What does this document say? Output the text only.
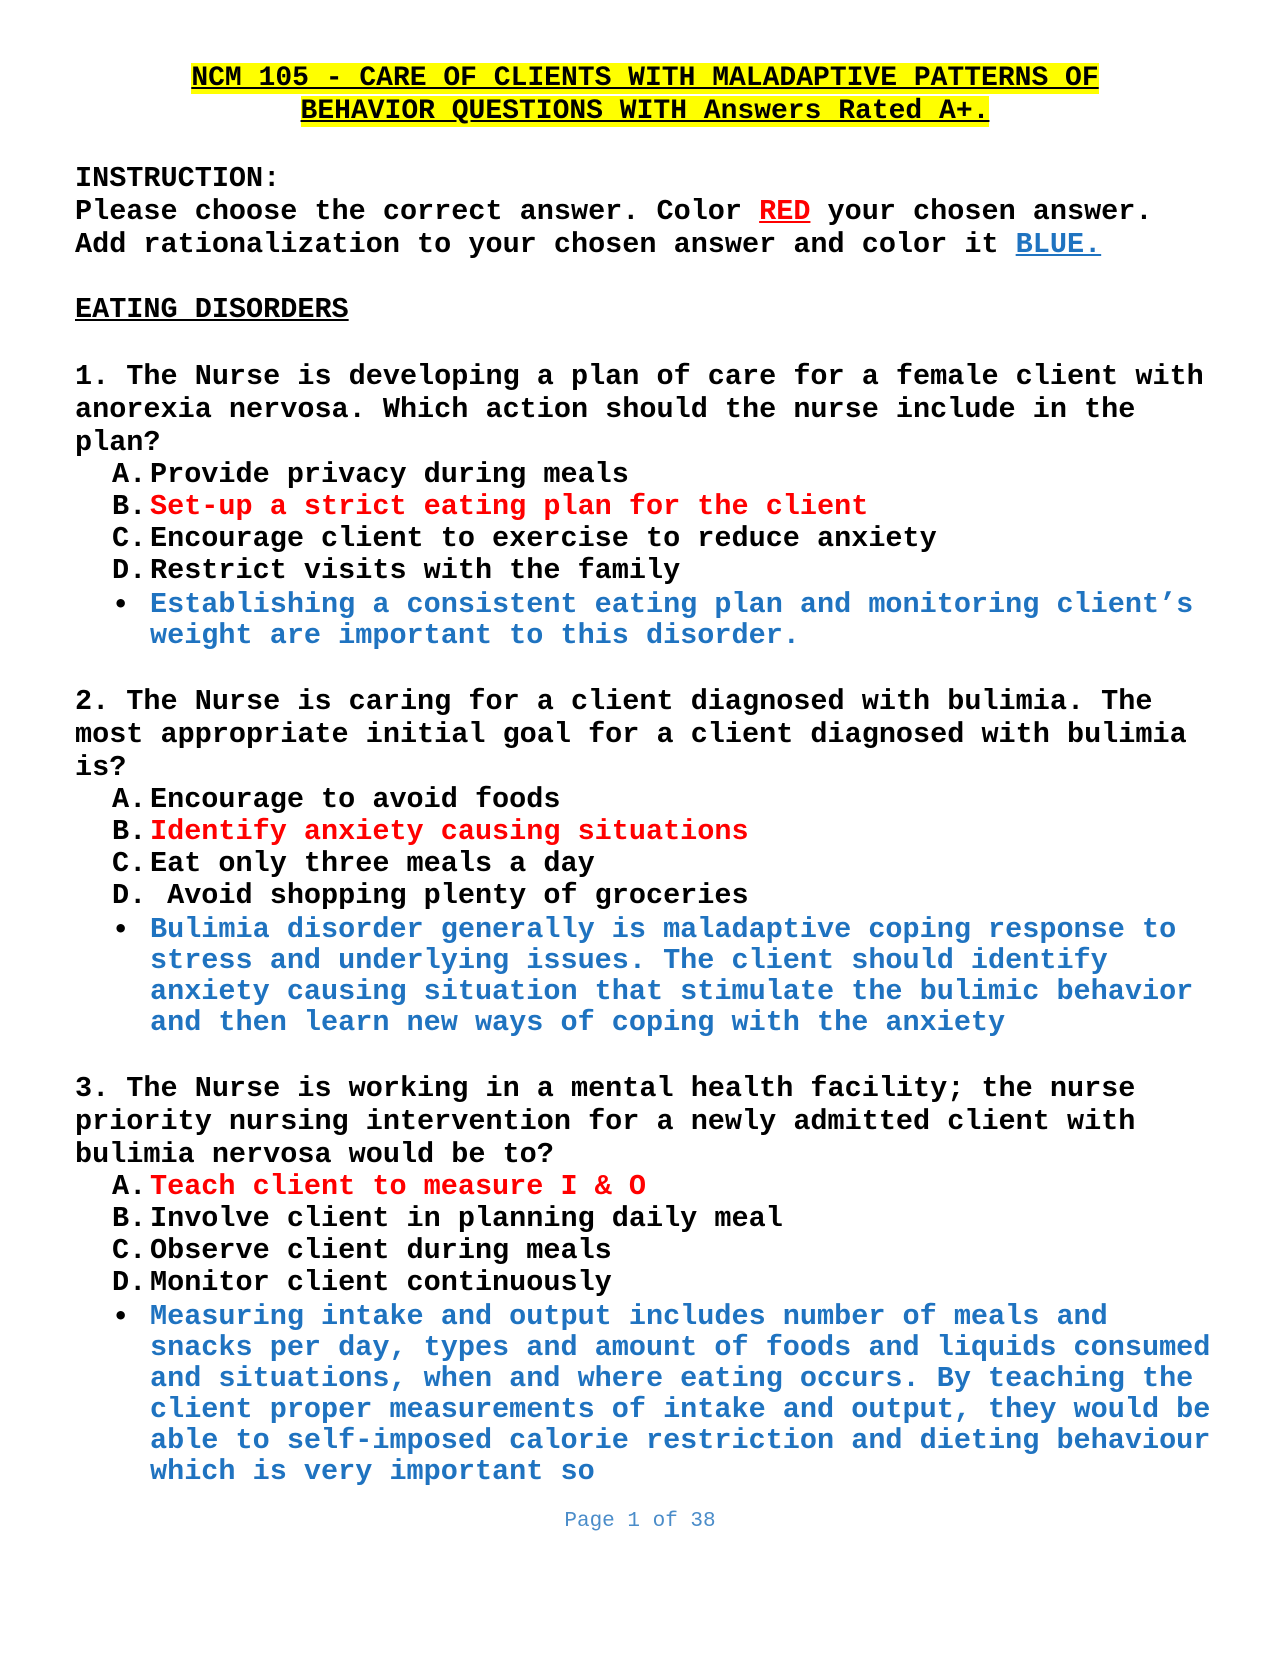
NCM 105 - CARE OF CLIENTS WITH MALADAPTIVE PATTERNS OF
BEHAVIOR QUESTIONS WITH Answers Rated A+.

INSTRUCTION:

Please choose the correct answer. Color RED your chosen answer.

Add rationalization to your chosen answer and color it BLUE.

EATING DISORDERS

1. The Nurse is developing a plan of care for a female client with anorexia nervosa. Which action should the nurse include in the plan?

A. Provide privacy during meals
B. Set-up a strict eating plan for the client
C. Encourage client to exercise to reduce anxiety
D. Restrict visits with the family
• Establishing a consistent eating plan and monitoring client’s weight are important to this disorder.

2. The Nurse is caring for a client diagnosed with bulimia. The most appropriate initial goal for a client diagnosed with bulimia is?

A. Encourage to avoid foods
B. Identify anxiety causing situations
C. Eat only three meals a day
D. Avoid shopping plenty of groceries
• Bulimia disorder generally is maladaptive coping response to stress and underlying issues. The client should identify anxiety causing situation that stimulate the bulimic behavior and then learn new ways of coping with the anxiety

3. The Nurse is working in a mental health facility; the nurse priority nursing intervention for a newly admitted client with bulimia nervosa would be to?

A. Teach client to measure I & O
B. Involve client in planning daily meal
C. Observe client during meals
D. Monitor client continuously
• Measuring intake and output includes number of meals and snacks per day, types and amount of foods and liquids consumed and situations, when and where eating occurs. By teaching the client proper measurements of intake and output, they would be able to self-imposed calorie restriction and dieting behaviour which is very important so
Page 1 of 38
